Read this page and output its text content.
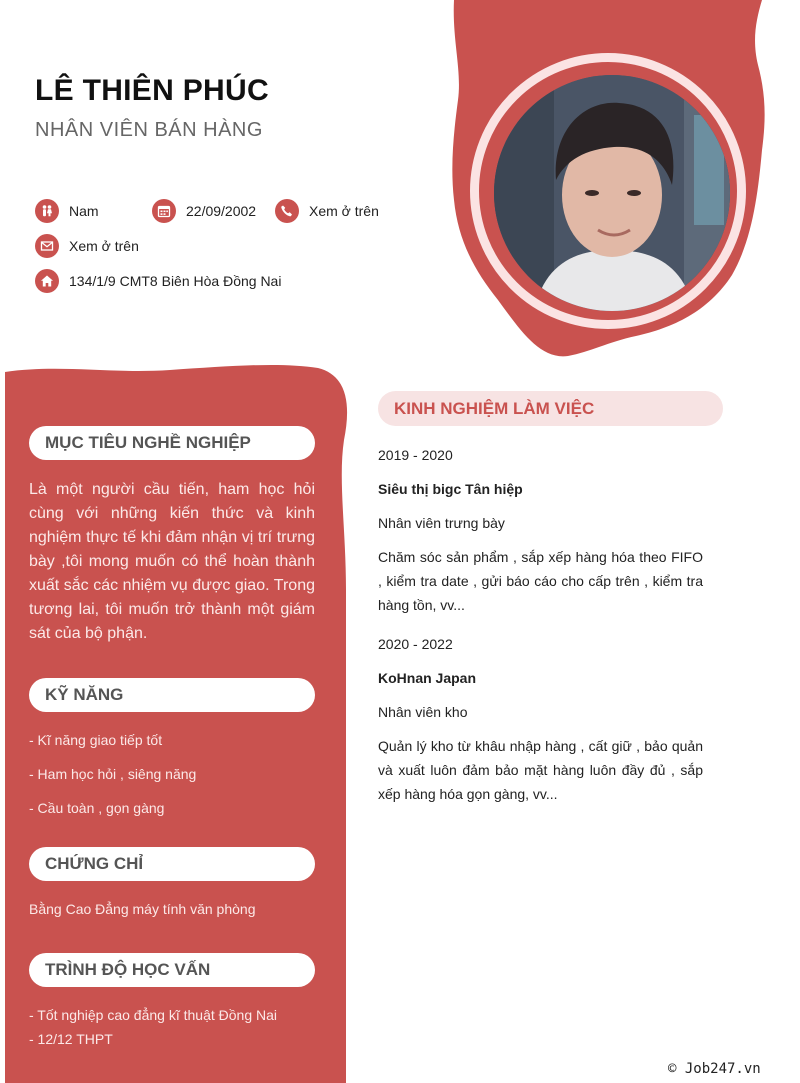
LÊ THIÊN PHÚC
NHÂN VIÊN BÁN HÀNG
Nam	22/09/2002	Xem ở trên
Xem ở trên
134/1/9 CMT8 Biên Hòa Đồng Nai
MỤC TIÊU NGHỀ NGHIỆP
Là một người cầu tiến, ham học hỏi cùng với những kiến thức và kinh nghiệm thực tế khi đảm nhận vị trí trưng bày ,tôi mong muốn có thể hoàn thành xuất sắc các nhiệm vụ được giao. Trong tương lai, tôi muốn trở thành một giám sát của bộ phận.
KỸ NĂNG
- Kĩ năng giao tiếp tốt
- Ham học hỏi , siêng năng
- Cầu toàn , gọn gàng
CHỨNG CHỈ
Bằng Cao Đẳng máy tính văn phòng
TRÌNH ĐỘ HỌC VẤN
- Tốt nghiệp cao đẳng kĩ thuật Đồng Nai
- 12/12 THPT
KINH NGHIỆM LÀM VIỆC
2019 - 2020
Siêu thị bigc Tân hiệp
Nhân viên trưng bày
Chăm sóc sản phẩm , sắp xếp hàng hóa theo FIFO , kiểm tra date , gửi báo cáo cho cấp trên , kiểm tra hàng tồn, vv...
2020 - 2022
KoHnan Japan
Nhân viên kho
Quản lý kho từ khâu nhập hàng , cất giữ , bảo quản và xuất luôn đảm bảo mặt hàng luôn đầy đủ , sắp xếp hàng hóa gọn gàng, vv...
© Job247.vn
